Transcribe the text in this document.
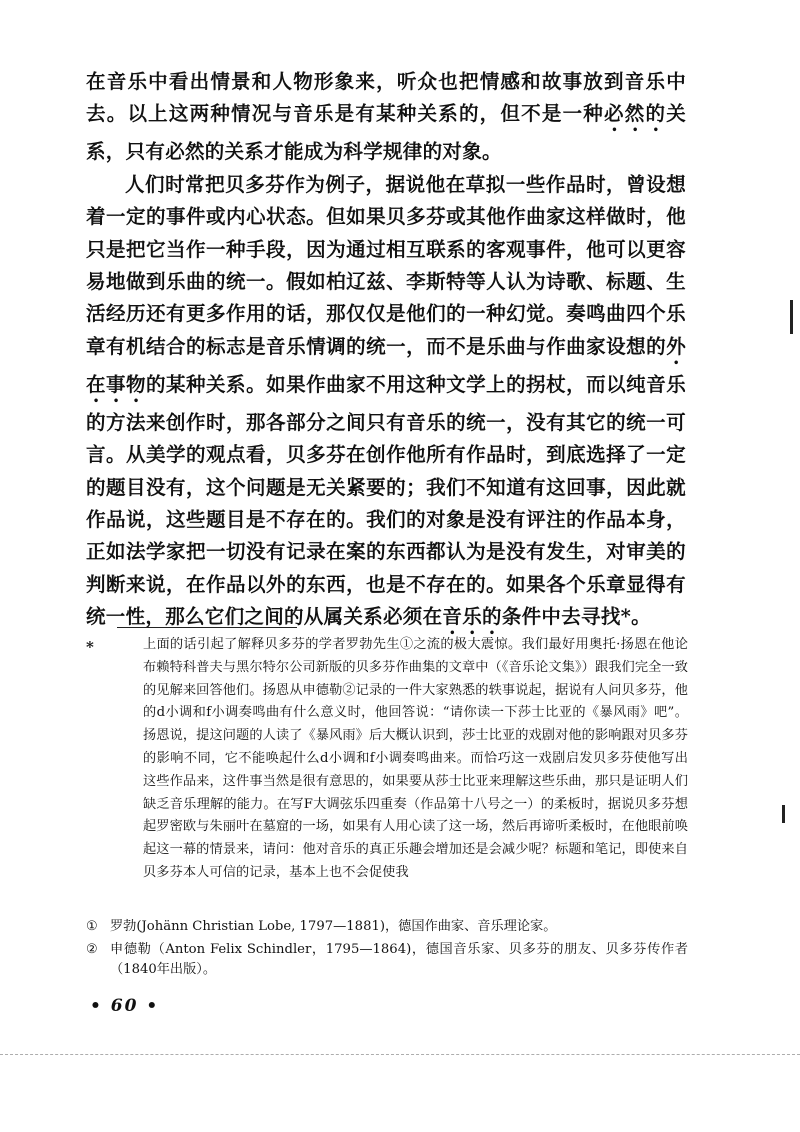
在音乐中看出情景和人物形象来，听众也把情感和故事放到音乐中去。以上这两种情况与音乐是有某种关系的，但不是一种必然的关系，只有必然的关系才能成为科学规律的对象。

人们时常把贝多芬作为例子，据说他在草拟一些作品时，曾设想着一定的事件或内心状态。但如果贝多芬或其他作曲家这样做时，他只是把它当作一种手段，因为通过相互联系的客观事件，他可以更容易地做到乐曲的统一。假如柏辽兹、李斯特等人认为诗歌、标题、生活经历还有更多作用的话，那仅仅是他们的一种幻觉。奏鸣曲四个乐章有机结合的标志是音乐情调的统一，而不是乐曲与作曲家设想的外在事物的某种关系。如果作曲家不用这种文学上的拐杖，而以纯音乐的方法来创作时，那各部分之间只有音乐的统一，没有其它的统一可言。从美学的观点看，贝多芬在创作他所有作品时，到底选择了一定的题目没有，这个问题是无关紧要的；我们不知道有这回事，因此就作品说，这些题目是不存在的。我们的对象是没有评注的作品本身，正如法学家把一切没有记录在案的东西都认为是没有发生，对审美的判断来说，在作品以外的东西，也是不存在的。如果各个乐章显得有统一性，那么它们之间的从属关系必须在音乐的条件中去寻找*。

*	上面的话引起了解释贝多芬的学者罗勃先生①之流的极大震惊。我们最好用奥托·扬恩在他论布赖特科普夫与黑尔特尔公司新版的贝多芬作曲集的文章中（《音乐论文集》）跟我们完全一致的见解来回答他们。扬恩从申德勒②记录的一件大家熟悉的轶事说起，据说有人问贝多芬，他的d小调和f小调奏鸣曲有什么意义时，他回答说：“请你读一下莎士比亚的《暴风雨》吧”。扬恩说，提这问题的人读了《暴风雨》后大概认识到，莎士比亚的戏剧对他的影响跟对贝多芬的影响不同，它不能唤起什么d小调和f小调奏鸣曲来。而恰巧这一戏剧启发贝多芬使他写出这些作品来，这件事当然是很有意思的，如果要从莎士比亚来理解这些乐曲，那只是证明人们缺乏音乐理解的能力。在写F大调弦乐四重奏（作品第十八号之一）的柔板时，据说贝多芬想起罗密欧与朱丽叶在墓窟的一场，如果有人用心读了这一场，然后再谛听柔板时，在他眼前唤起这一幕的情景来，请问：他对音乐的真正乐趣会增加还是会减少呢？标题和笔记，即使来自贝多芬本人可信的记录，基本上也不会促使我

① 罗勃(Johänn Christian Lobe, 1797—1881)，德国作曲家、音乐理论家。
② 申德勒（Anton Felix Schindler，1795—1864)，德国音乐家、贝多芬的朋友、贝多芬传作者（1840年出版）。
• 60 •
